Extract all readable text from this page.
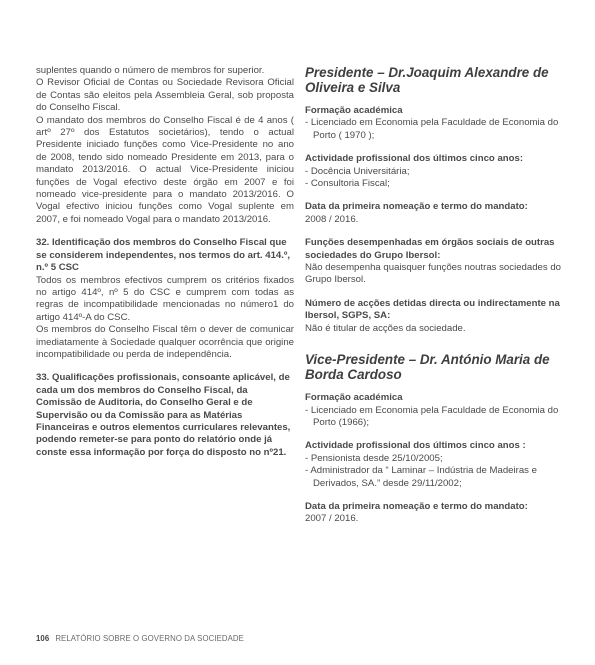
suplentes quando o número de membros for superior.

O Revisor Oficial de Contas ou Sociedade Revisora Oficial de Contas são eleitos pela Assembleia Geral, sob proposta do Conselho Fiscal.

O mandato dos membros do Conselho Fiscal é de 4 anos ( artº 27º dos Estatutos societários), tendo o actual Presidente iniciado funções como Vice-Presidente no ano de 2008, tendo sido nomeado Presidente em 2013, para o mandato 2013/2016. O actual Vice-Presidente iniciou funções de Vogal efectivo deste órgão em 2007 e foi nomeado vice-presidente para o mandato 2013/2016. O Vogal efectivo iniciou funções como Vogal suplente em 2007, e foi nomeado Vogal para o mandato 2013/2016.

32. Identificação dos membros do Conselho Fiscal que se considerem independentes, nos termos do art. 414.º, n.º 5 CSC

Todos os membros efectivos cumprem os critérios fixados no artigo 414º, nº 5 do CSC e cumprem com todas as regras de incompatibilidade mencionadas no número1 do artigo 414º-A do CSC.

Os membros do Conselho Fiscal têm o dever de comunicar imediatamente à Sociedade qualquer ocorrência que origine incompatibilidade ou perda de independência.

33. Qualificações profissionais, consoante aplicável, de cada um dos membros do Conselho Fiscal, da Comissão de Auditoria, do Conselho Geral e de Supervisão ou da Comissão para as Matérias Financeiras e outros elementos curriculares relevantes, podendo remeter-se para ponto do relatório onde já conste essa informação por força do disposto no nº21.

Presidente – Dr.Joaquim Alexandre de Oliveira e Silva

Formação académica

- Licenciado em Economia pela Faculdade de Economia do Porto ( 1970 );

Actividade profissional dos últimos cinco anos:

- Docência Universitária;

- Consultoria Fiscal;

Data da primeira nomeação e termo do mandato:

2008 / 2016.

Funções desempenhadas em órgãos sociais de outras sociedades do Grupo Ibersol:

Não desempenha quaisquer funções noutras sociedades do Grupo Ibersol.

Número de acções detidas directa ou indirectamente na Ibersol, SGPS, SA:

Não é titular de acções da sociedade.

Vice-Presidente – Dr. António Maria de Borda Cardoso

Formação académica

- Licenciado em Economia pela Faculdade de Economia do Porto (1966);

Actividade profissional dos últimos cinco anos :

- Pensionista desde 25/10/2005;

- Administrador da “ Laminar – Indústria de Madeiras e Derivados, SA.” desde 29/11/2002;

Data da primeira nomeação e termo do mandato:

2007 / 2016.

106 RELATÓRIO SOBRE O GOVERNO DA SOCIEDADE
